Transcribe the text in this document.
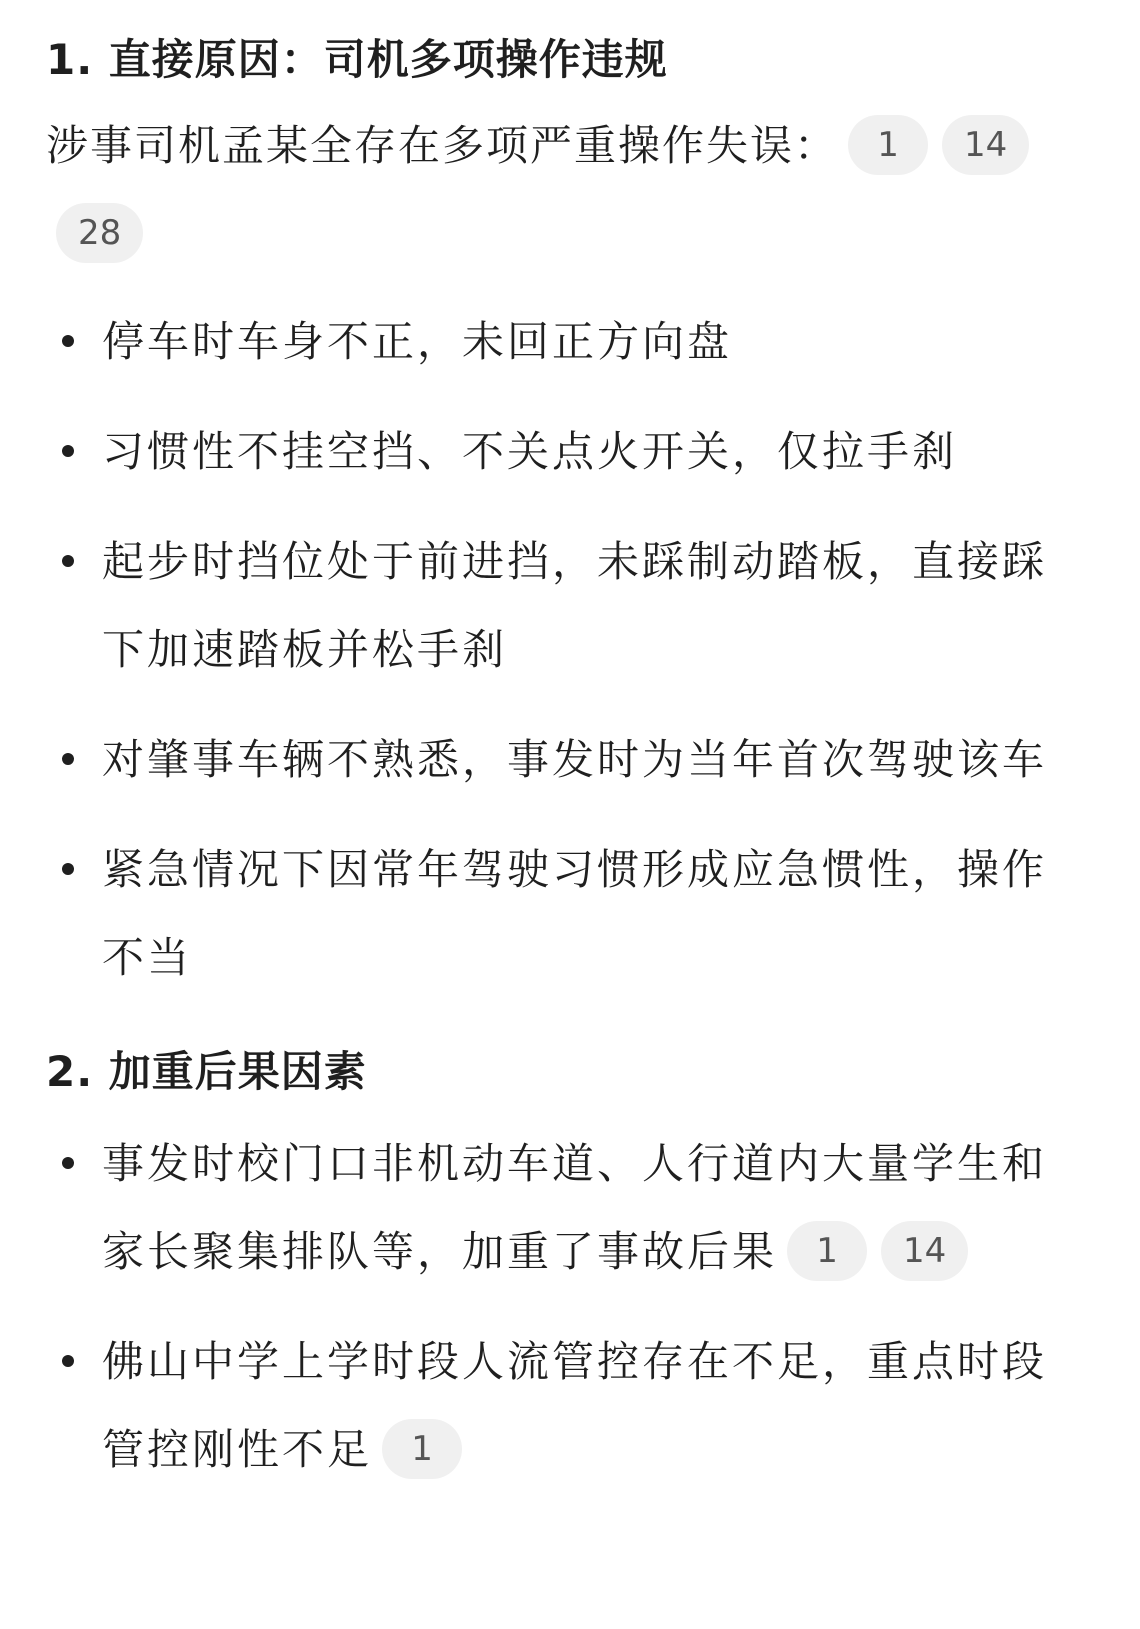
1. 直接原因：司机多项操作违规

涉事司机孟某全存在多项严重操作失误： 1 1428

停车时车身不正，未回正方向盘
习惯性不挂空挡、不关点火开关，仅拉手刹
起步时挡位处于前进挡，未踩制动踏板，直接踩下加速踏板并松手刹
对肇事车辆不熟悉，事发时为当年首次驾驶该车
紧急情况下因常年驾驶习惯形成应急惯性，操作不当
2. 加重后果因素
事发时校门口非机动车道、人行道内大量学生和家长聚集排队等，加重了事故后果 1 14
佛山中学上学时段人流管控存在不足，重点时段管控刚性不足 1
